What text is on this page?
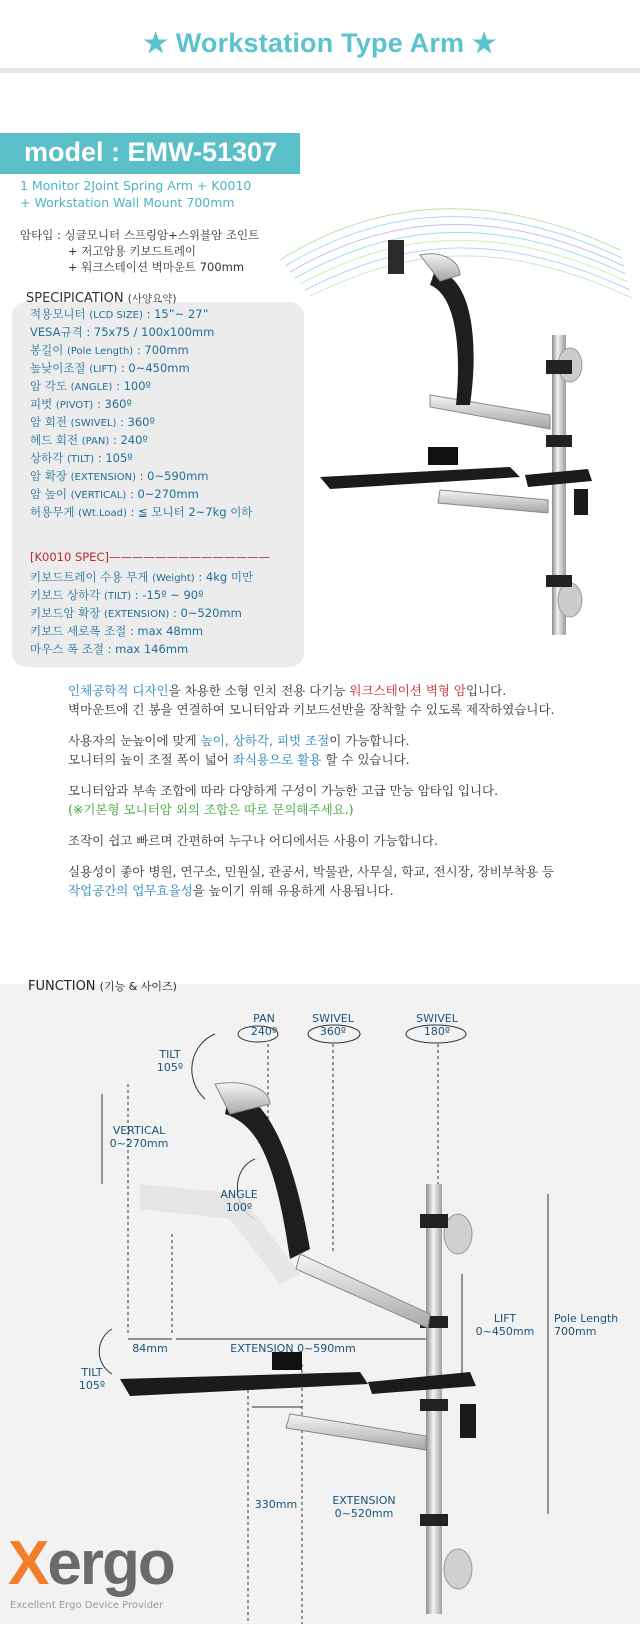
★ Workstation Type Arm ★
model : EMW-51307
1 Monitor 2Joint Spring Arm + K0010
+ Workstation Wall Mount 700mm
암타입 : 싱글모니터 스프링암+스위블암 조인트
+ 저고암용 키보드트레이
+ 워크스테이션 벽마운트 700mm
SPECIPICATION (사양요약)
적용모니터 (LCD SIZE) : 15”~ 27”
VESA규격 : 75x75 / 100x100mm
봉길이 (Pole Length) : 700mm
높낮이조절 (LIFT) : 0~450mm
암 각도 (ANGLE) : 100º
피벗 (PIVOT) : 360º
암 회전 (SWIVEL) : 360º
헤드 회전 (PAN) : 240º
상하각 (TILT) : 105º
암 확장 (EXTENSION) : 0~590mm
암 높이 (VERTICAL) : 0~270mm
허용무게 (Wt.Load) : ≦ 모니터 2~7kg 이하
[K0010 SPEC]——————————————
키보드트레이 수용 무게 (Weight) : 4kg 미만
키보드 상하각 (TILT) : -15º ~ 90º
키보드암 확장 (EXTENSION) : 0~520mm
키보드 세로폭 조절 : max 48mm
마우스 폭 조절 : max 146mm
인체공학적 디자인을 차용한 소형 인치 전용 다기능 워크스테이션 벽형 암입니다.
벽마운트에 긴 봉을 연결하여 모니터암과 키보드선반을 장착할 수 있도록 제작하였습니다.
사용자의 눈높이에 맞게 높이, 상하각, 피벗 조절이 가능합니다.
모니터의 높이 조절 폭이 넓어 좌식용으로 활용 할 수 있습니다.
모니터암과 부속 조합에 따라 다양하게 구성이 가능한 고급 만능 암타입 입니다.
(※기본형 모니터암 외의 조합은 따로 문의해주세요.)
조작이 쉽고 빠르며 간편하여 누구나 어디에서든 사용이 가능합니다.
실용성이 좋아 병원, 연구소, 민원실, 관공서, 박물관, 사무실, 학교, 전시장, 장비부착용 등
작업공간의 업무효율성을 높이기 위해 유용하게 사용됩니다.
FUNCTION (기능 & 사이즈)
PAN
240º
SWIVEL
360º
SWIVEL
180º
TILT
105º
VERTICAL
0~270mm
ANGLE
100º
LIFT
0~450mm
Pole Length
700mm
84mm	EXTENSION 0~590mm
TILT
105º
330mm	EXTENSION
0~520mm
Xergo
Excellent Ergo Device Provider
